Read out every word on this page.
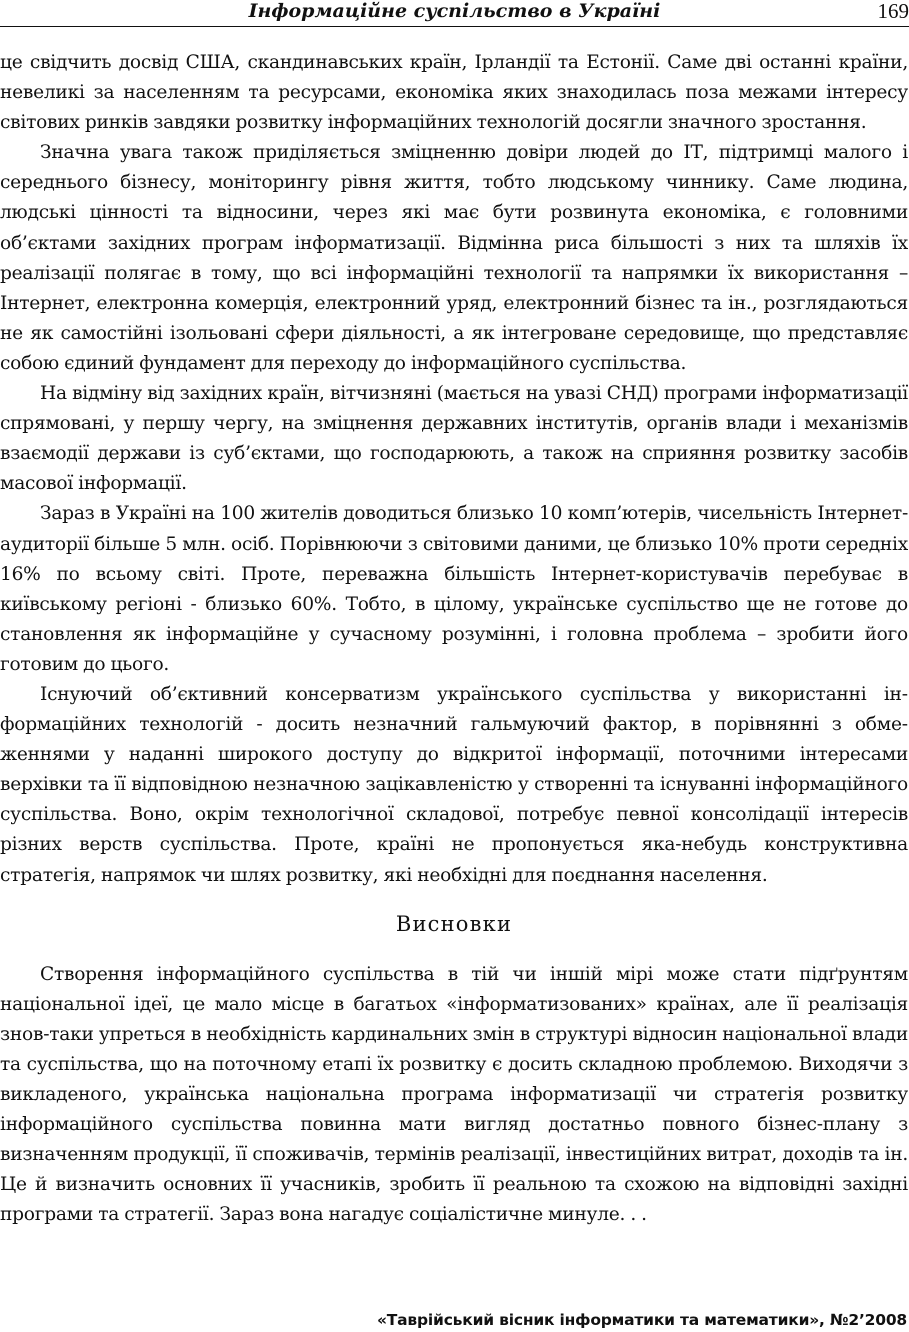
Інформаційне суспільство в Україні	169

це свідчить досвід США, скандинавських країн, Ірландії та Естонії. Саме дві останні країни, невеликі за населенням та ресурсами, економіка яких знаходилась поза межами інтересу світових ринків завдяки розвитку інформаційних технологій досягли значного зростання.

Значна увага також приділяється зміцненню довіри людей до ІТ, підтримці малого і середнього бізнесу, моніторингу рівня життя, тобто людському чиннику. Саме людина, людські цінності та відносини, через які має бути розвинута економіка, є головними об’єктами західних програм інформатизації. Відмінна риса більшості з них та шляхів їх реалізації полягає в тому, що всі інформаційні технології та напрямки їх використання – Інтернет, електронна комерція, електронний уряд, електронний бізнес та ін., розглядаються не як самостійні ізольовані сфери діяльності, а як інтегроване середовище, що представляє собою єдиний фундамент для переходу до інформаційного суспільства.

На відміну від західних країн, вітчизняні (мається на увазі СНД) програми інформатизації спрямовані, у першу чергу, на зміцнення державних інститутів, органів влади і механізмів взаємодії держави із суб’єктами, що господарюють, а також на сприяння розвитку засобів масової інформації.

Зараз в Україні на 100 жителів доводиться близько 10 комп’ютерів, чисельність Інтернет-аудиторії більше 5 млн. осіб. Порівнюючи з світовими даними, це близько 10% проти середніх 16% по всьому світі. Проте, переважна більшість Інтернет-користувачів перебуває в київському регіоні - близько 60%. Тобто, в цілому, українське суспільство ще не готове до становлення як інформаційне у сучасному розумінні, і головна проблема – зробити його готовим до цього.

Існуючий об’єктивний консерватизм українського суспільства у використанні інформаційних технологій - досить незначний гальмуючий фактор, в порівнянні з обмеженнями у наданні широкого доступу до відкритої інформації, поточними інтересами верхівки та її відповідною незначною зацікавленістю у створенні та існуванні інформаційного суспільства. Воно, окрім технологічної складової, потребує певної консолідації інтересів різних верств суспільства. Проте, країні не пропонується яка-небудь конструктивна стратегія, напрямок чи шлях розвитку, які необхідні для поєднання населення.

Висновки

Створення інформаційного суспільства в тій чи іншій мірі може стати підґрунтям національної ідеї, це мало місце в багатьох «інформатизованих» країнах, але її реалізація знов-таки упреться в необхідність кардинальних змін в структурі відносин національної влади та суспільства, що на поточному етапі їх розвитку є досить складною проблемою. Виходячи з викладеного, українська національна програма інформатизації чи стратегія розвитку інформаційного суспільства повинна мати вигляд достатньо повного бізнес-плану з визначенням продукції, її споживачів, термінів реалізації, інвестиційних витрат, доходів та ін. Це й визначить основних її учасників, зробить її реальною та схожою на відповідні західні програми та стратегії. Зараз вона нагадує соціалістичне минуле. . .

«Таврійський вісник інформатики та математики», №2’2008
